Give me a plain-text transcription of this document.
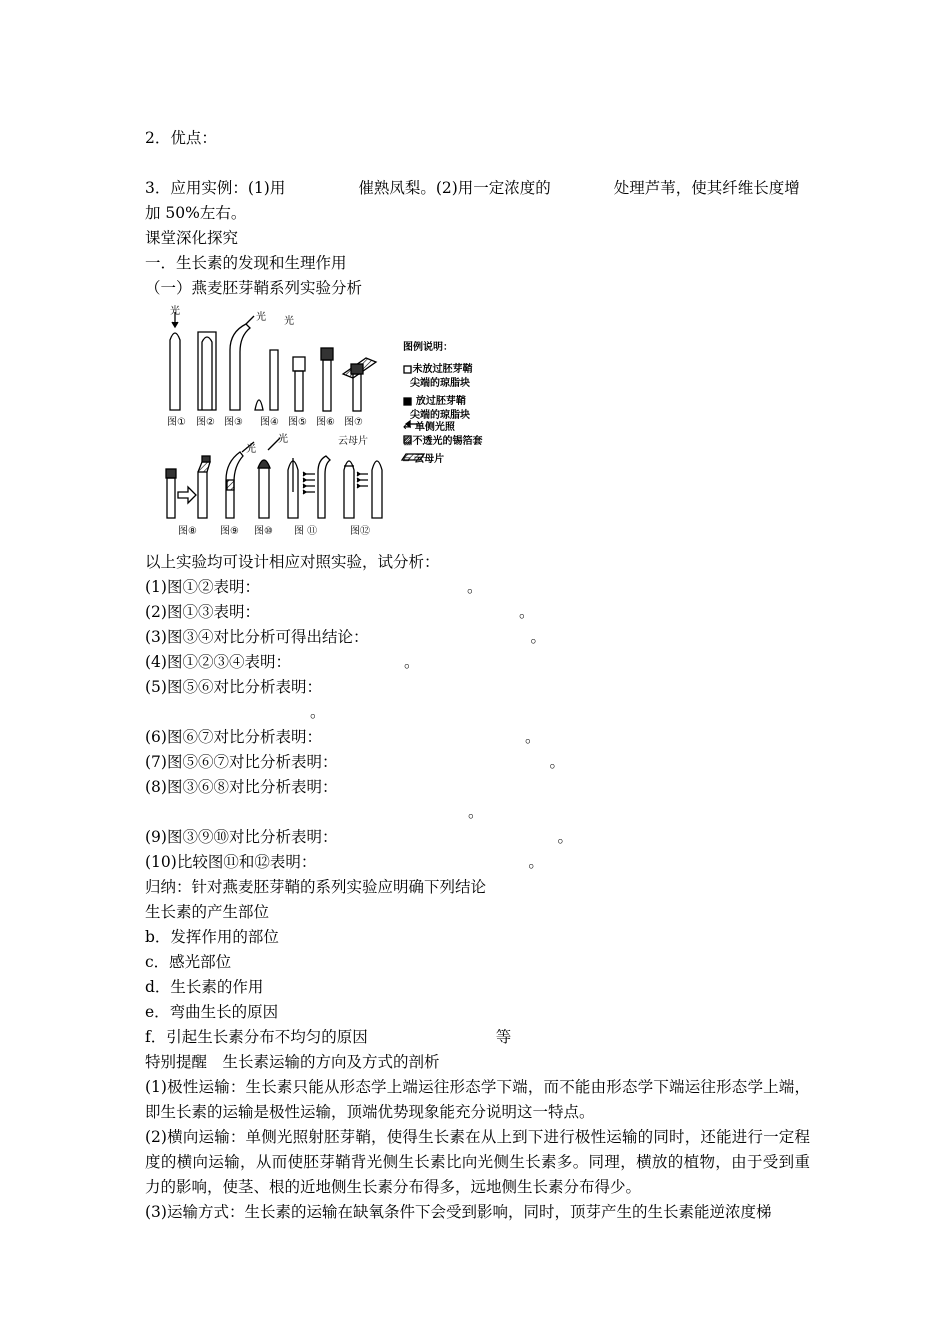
2．优点：
3．应用实例：(1)用	催熟凤梨。(2)用一定浓度的	处理芦苇，使其纤维长度增
加 50%左右。
课堂深化探究
一．生长素的发现和生理作用
（一）燕麦胚芽鞘系列实验分析
光
光 光
光
光	云母片
图① 图② 图③ 图④ 图⑤ 图⑥ 图⑦
图⑧ 图⑨ 图⑩ 图 ⑪	图⑫
图例说明：
□未放过胚芽鞘
尖端的琼脂块
■ 放过胚芽鞘
尖端的琼脂块
← 单侧光照
▨不透光的锡箔套
▱ 云母片
以上实验均可设计相应对照实验，试分析：
(1)图①②表明：	。
(2)图①③表明：	。
(3)图③④对比分析可得出结论：	。
(4)图①②③④表明：	。
(5)图⑤⑥对比分析表明：
。
(6)图⑥⑦对比分析表明：	。
(7)图⑤⑥⑦对比分析表明：	。
(8)图③⑥⑧对比分析表明：
。
(9)图③⑨⑩对比分析表明：	。
(10)比较图⑪和⑫表明：	。
归纳：针对燕麦胚芽鞘的系列实验应明确下列结论
生长素的产生部位
b．发挥作用的部位
c．感光部位
d．生长素的作用
e．弯曲生长的原因
f．引起生长素分布不均匀的原因	等
特别提醒　生长素运输的方向及方式的剖析
(1)极性运输：生长素只能从形态学上端运往形态学下端，而不能由形态学下端运往形态学上端，即生长素的运输是极性运输，顶端优势现象能充分说明这一特点。
(2)横向运输：单侧光照射胚芽鞘，使得生长素在从上到下进行极性运输的同时，还能进行一定程度的横向运输，从而使胚芽鞘背光侧生长素比向光侧生长素多。同理，横放的植物，由于受到重力的影响，使茎、根的近地侧生长素分布得多，远地侧生长素分布得少。
(3)运输方式：生长素的运输在缺氧条件下会受到影响，同时，顶芽产生的生长素能逆浓度梯
